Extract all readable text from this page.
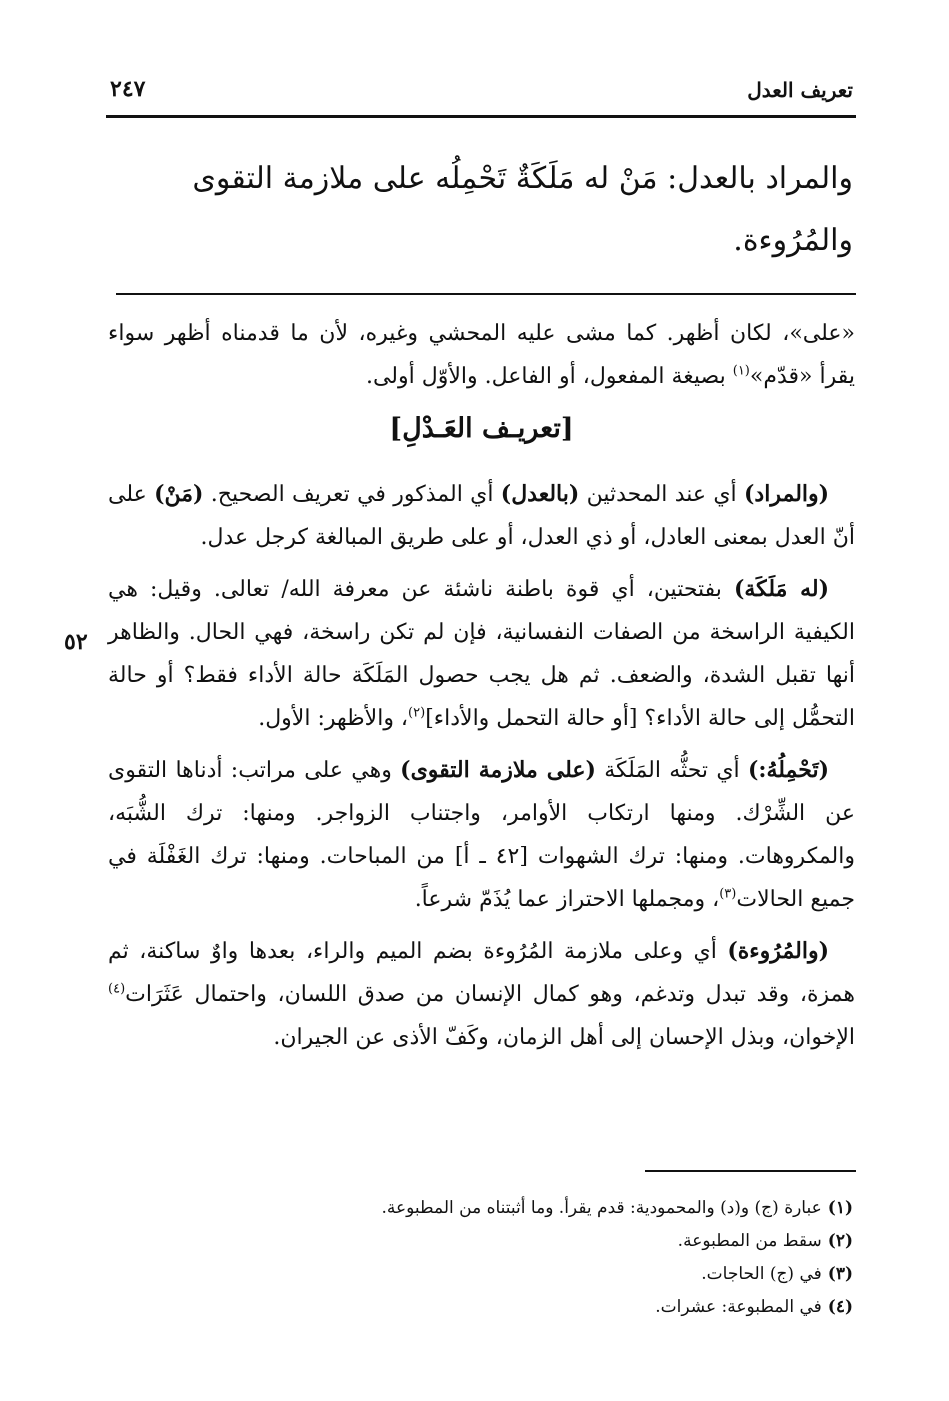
تعريف العدل
٢٤٧
والمراد بالعدل: مَنْ له مَلَكَةٌ تَحْمِلُه على ملازمة التقوى
والمُرُوءة.

«على»، لكان أظهر. كما مشى عليه المحشي وغيره، لأن ما قدمناه أظهر سواء يقرأ «قدّم»$^{(١)}$ بصيغة المفعول، أو الفاعل. والأوّل أولى.

[تعريـف العَـدْلِ]

(والمراد) أي عند المحدثين (بالعدل) أي المذكور في تعريف الصحيح. (مَنْ) على أنّ العدل بمعنى العادل، أو ذي العدل، أو على طريق المبالغة كرجل عدل.

(له مَلَكَة) بفتحتين، أي قوة باطنة ناشئة عن معرفة الله/ تعالى. وقيل: هي الكيفية الراسخة من الصفات النفسانية، فإن لم تكن راسخة، فهي الحال. والظاهر أنها تقبل الشدة، والضعف. ثم هل يجب حصول المَلَكَة حالة الأداء فقط؟ أو حالة التحمُّل إلى حالة الأداء؟ [أو حالة التحمل والأداء]$^{(٢)}$، والأظهر: الأول.

(تَحْمِلُهُ:) أي تحثُّه المَلَكَة (على ملازمة التقوى) وهي على مراتب: أدناها التقوى عن الشِّرْك. ومنها ارتكاب الأوامر، واجتناب الزواجر. ومنها: ترك الشُّبَه، والمكروهات. ومنها: ترك الشهوات [٤٢ ـ أ] من المباحات. ومنها: ترك الغَفْلَة في جميع الحالات$^{(٣)}$، ومجملها الاحتراز عما يُذَمّ شرعاً.

(والمُرُوءة) أي وعلى ملازمة المُرُوءة بضم الميم والراء، بعدها واوٌ ساكنة، ثم همزة، وقد تبدل وتدغم، وهو كمال الإنسان من صدق اللسان، واحتمال عَثَرَات$^{(٤)}$ الإخوان، وبذل الإحسان إلى أهل الزمان، وكَفّ الأذى عن الجيران.

٥٢
(١)عبارة (ج) و(د) والمحمودية: قدم يقرأ. وما أثبتناه من المطبوعة.
(٢)سقط من المطبوعة.
(٣)في (ج) الحاجات.
(٤)في المطبوعة: عشرات.
